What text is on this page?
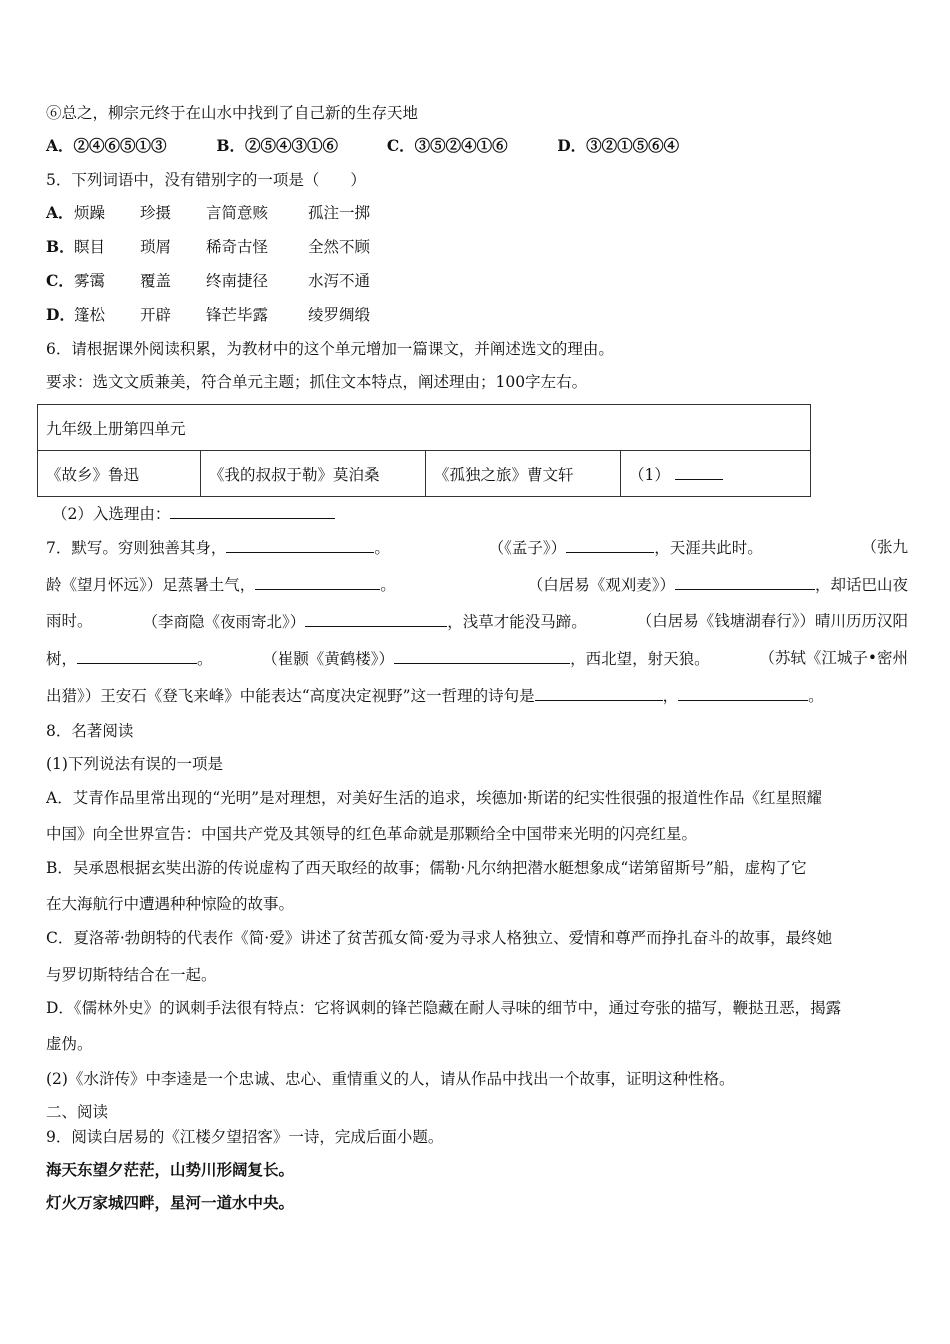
⑥总之，柳宗元终于在山水中找到了自己新的生存天地
A．②④⑥⑤①③	B．②⑤④③①⑥	C．③⑤②④①⑥	D．③②①⑤⑥④
5．下列词语中，没有错别字的一项是（　　）
A．烦躁 珍摄 言简意赅	孤注一掷
B．瞑目 琐屑 稀奇古怪	全然不顾
C．雾霭 覆盖 终南捷径	水泻不通
D．篷松 开辟 锋芒毕露	绫罗绸缎
6．请根据课外阅读积累，为教材中的这个单元增加一篇课文，并阐述选文的理由。
要求：选文文质兼美，符合单元主题；抓住文本特点，阐述理由；100字左右。
九年级上册第四单元
《故乡》鲁迅	《我的叔叔于勒》莫泊桑	《孤独之旅》曹文轩	（1）
（2）入选理由：
7．默写。穷则独善其身，	。	（《孟子》）	，天涯共此时。	（张九
龄《望月怀远》）足蒸暑土气，	。	（白居易《观刈麦》）	，却话巴山夜
雨时。	（李商隐《夜雨寄北》）	，浅草才能没马蹄。	（白居易《钱塘湖春行》）晴川历历汉阳
树，	。	（崔颢《黄鹤楼》）	，西北望，射天狼。	（苏轼《江城子•密州
出猎》）王安石《登飞来峰》中能表达“高度决定视野”这一哲理的诗句是	，	。
8．名著阅读
(1)下列说法有误的一项是
A．艾青作品里常出现的“光明”是对理想，对美好生活的追求，埃德加·斯诺的纪实性很强的报道性作品《红星照耀
中国》向全世界宣告：中国共产党及其领导的红色革命就是那颗给全中国带来光明的闪亮红星。
B．吴承恩根据玄奘出游的传说虚构了西天取经的故事；儒勒·凡尔纳把潜水艇想象成“诺第留斯号”船，虚构了它
在大海航行中遭遇种种惊险的故事。
C．夏洛蒂·勃朗特的代表作《简·爱》讲述了贫苦孤女简·爱为寻求人格独立、爱情和尊严而挣扎奋斗的故事，最终她
与罗切斯特结合在一起。
D．《儒林外史》的讽刺手法很有特点：它将讽刺的锋芒隐藏在耐人寻味的细节中，通过夸张的描写，鞭挞丑恶，揭露
虚伪。
(2)《水浒传》中李逵是一个忠诚、忠心、重情重义的人，请从作品中找出一个故事，证明这种性格。
二、阅读
9．阅读白居易的《江楼夕望招客》一诗，完成后面小题。
海天东望夕茫茫，山势川形阔复长。
灯火万家城四畔，星河一道水中央。
